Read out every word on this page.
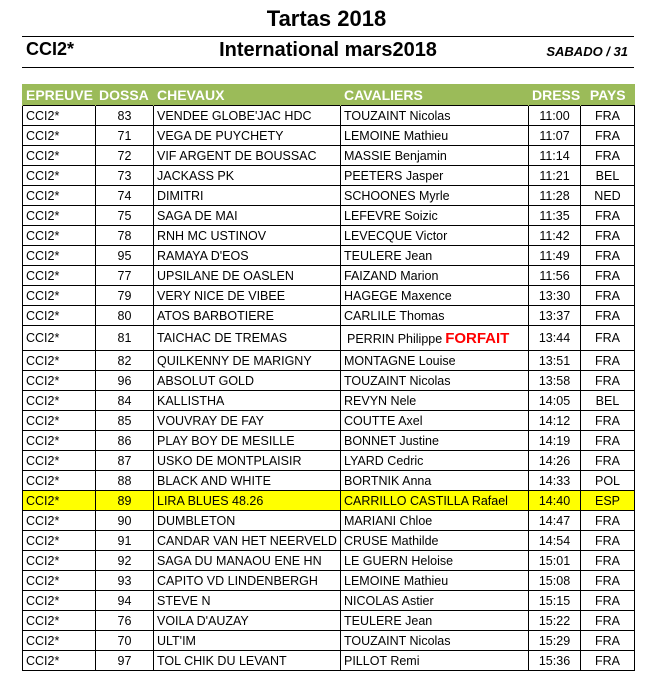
Tartas 2018
International mars2018
CCI2*	SABADO / 31
EPREUVE	DOSSA	CHEVAUX	CAVALIERS	DRESS	PAYS
CCI2*	83	VENDEE GLOBE'JAC HDC	TOUZAINT Nicolas	11:00	FRA
CCI2*	71	VEGA DE PUYCHETY	LEMOINE Mathieu	11:07	FRA
CCI2*	72	VIF ARGENT DE BOUSSAC	MASSIE Benjamin	11:14	FRA
CCI2*	73	JACKASS PK	PEETERS Jasper	11:21	BEL
CCI2*	74	DIMITRI	SCHOONES Myrle	11:28	NED
CCI2*	75	SAGA DE MAI	LEFEVRE Soizic	11:35	FRA
CCI2*	78	RNH MC USTINOV	LEVECQUE Victor	11:42	FRA
CCI2*	95	RAMAYA D'EOS	TEULERE Jean	11:49	FRA
CCI2*	77	UPSILANE DE OASLEN	FAIZAND Marion	11:56	FRA
CCI2*	79	VERY NICE DE VIBEE	HAGEGE Maxence	13:30	FRA
CCI2*	80	ATOS BARBOTIERE	CARLILE Thomas	13:37	FRA
CCI2*	81	TAICHAC DE TREMAS	PERRIN Philippe FORFAIT	13:44	FRA
CCI2*	82	QUILKENNY DE MARIGNY	MONTAGNE Louise	13:51	FRA
CCI2*	96	ABSOLUT GOLD	TOUZAINT Nicolas	13:58	FRA
CCI2*	84	KALLISTHA	REVYN Nele	14:05	BEL
CCI2*	85	VOUVRAY DE FAY	COUTTE Axel	14:12	FRA
CCI2*	86	PLAY BOY DE MESILLE	BONNET Justine	14:19	FRA
CCI2*	87	USKO DE MONTPLAISIR	LYARD Cedric	14:26	FRA
CCI2*	88	BLACK AND WHITE	BORTNIK Anna	14:33	POL
CCI2*	89	LIRA BLUES 48.26	CARRILLO CASTILLA Rafael	14:40	ESP
CCI2*	90	DUMBLETON	MARIANI Chloe	14:47	FRA
CCI2*	91	CANDAR VAN HET NEERVELD	CRUSE Mathilde	14:54	FRA
CCI2*	92	SAGA DU MANAOU ENE HN	LE GUERN Heloise	15:01	FRA
CCI2*	93	CAPITO VD LINDENBERGH	LEMOINE Mathieu	15:08	FRA
CCI2*	94	STEVE N	NICOLAS Astier	15:15	FRA
CCI2*	76	VOILA D'AUZAY	TEULERE Jean	15:22	FRA
CCI2*	70	ULT'IM	TOUZAINT Nicolas	15:29	FRA
CCI2*	97	TOL CHIK DU LEVANT	PILLOT Remi	15:36	FRA
